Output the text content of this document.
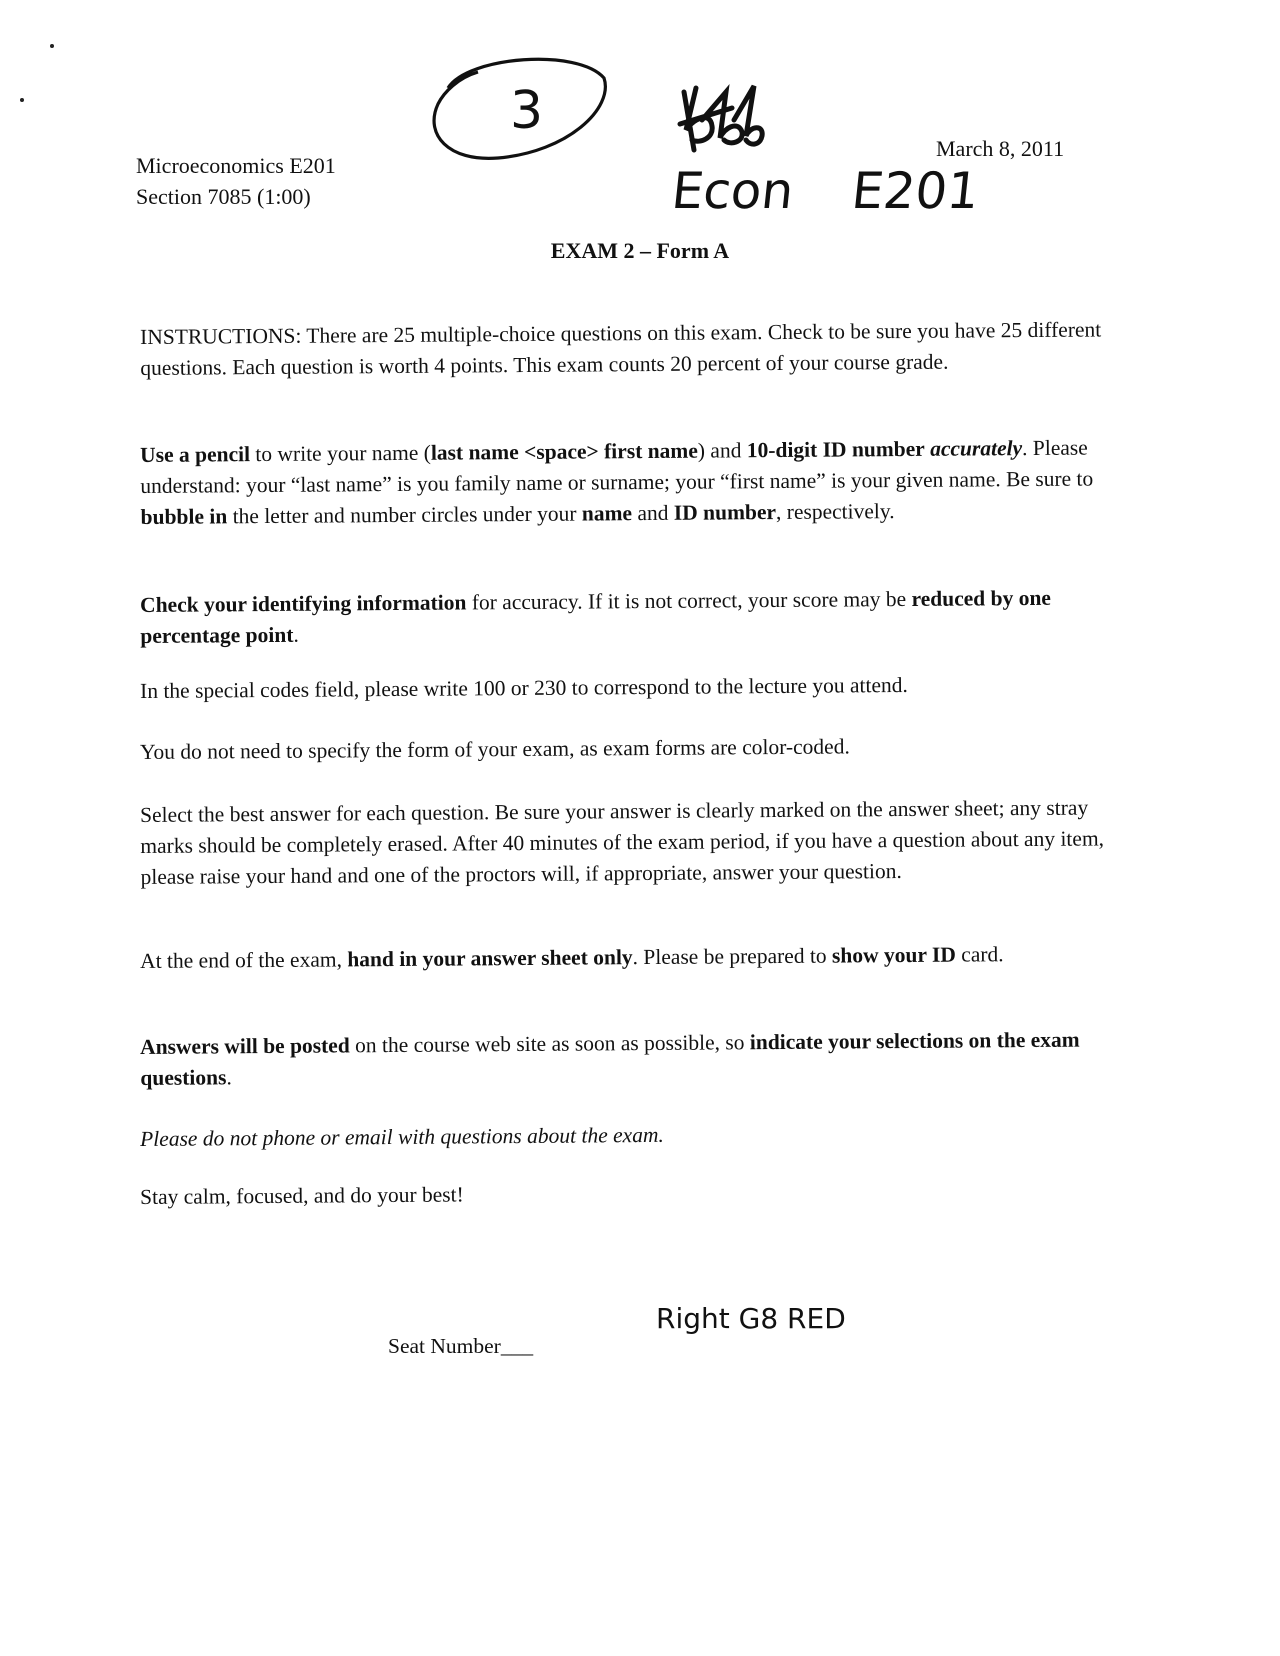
Microeconomics E201
Section 7085 (1:00)
March 8, 2011
3
Econ E201
EXAM 2 – Form A

INSTRUCTIONS: There are 25 multiple-choice questions on this exam. Check to be sure you have 25 different questions. Each question is worth 4 points. This exam counts 20 percent of your course grade.

Use a pencil to write your name (last name <space> first name) and 10-digit ID number accurately. Please understand: your “last name” is you family name or surname; your “first name” is your given name. Be sure to bubble in the letter and number circles under your name and ID number, respectively.

Check your identifying information for accuracy. If it is not correct, your score may be reduced by one percentage point.

In the special codes field, please write 100 or 230 to correspond to the lecture you attend.

You do not need to specify the form of your exam, as exam forms are color-coded.

Select the best answer for each question. Be sure your answer is clearly marked on the answer sheet; any stray marks should be completely erased. After 40 minutes of the exam period, if you have a question about any item, please raise your hand and one of the proctors will, if appropriate, answer your question.

At the end of the exam, hand in your answer sheet only. Please be prepared to show your ID card.

Answers will be posted on the course web site as soon as possible, so indicate your selections on the exam questions.

Please do not phone or email with questions about the exam.

Stay calm, focused, and do your best!

Seat Number___
Right G8 RED
